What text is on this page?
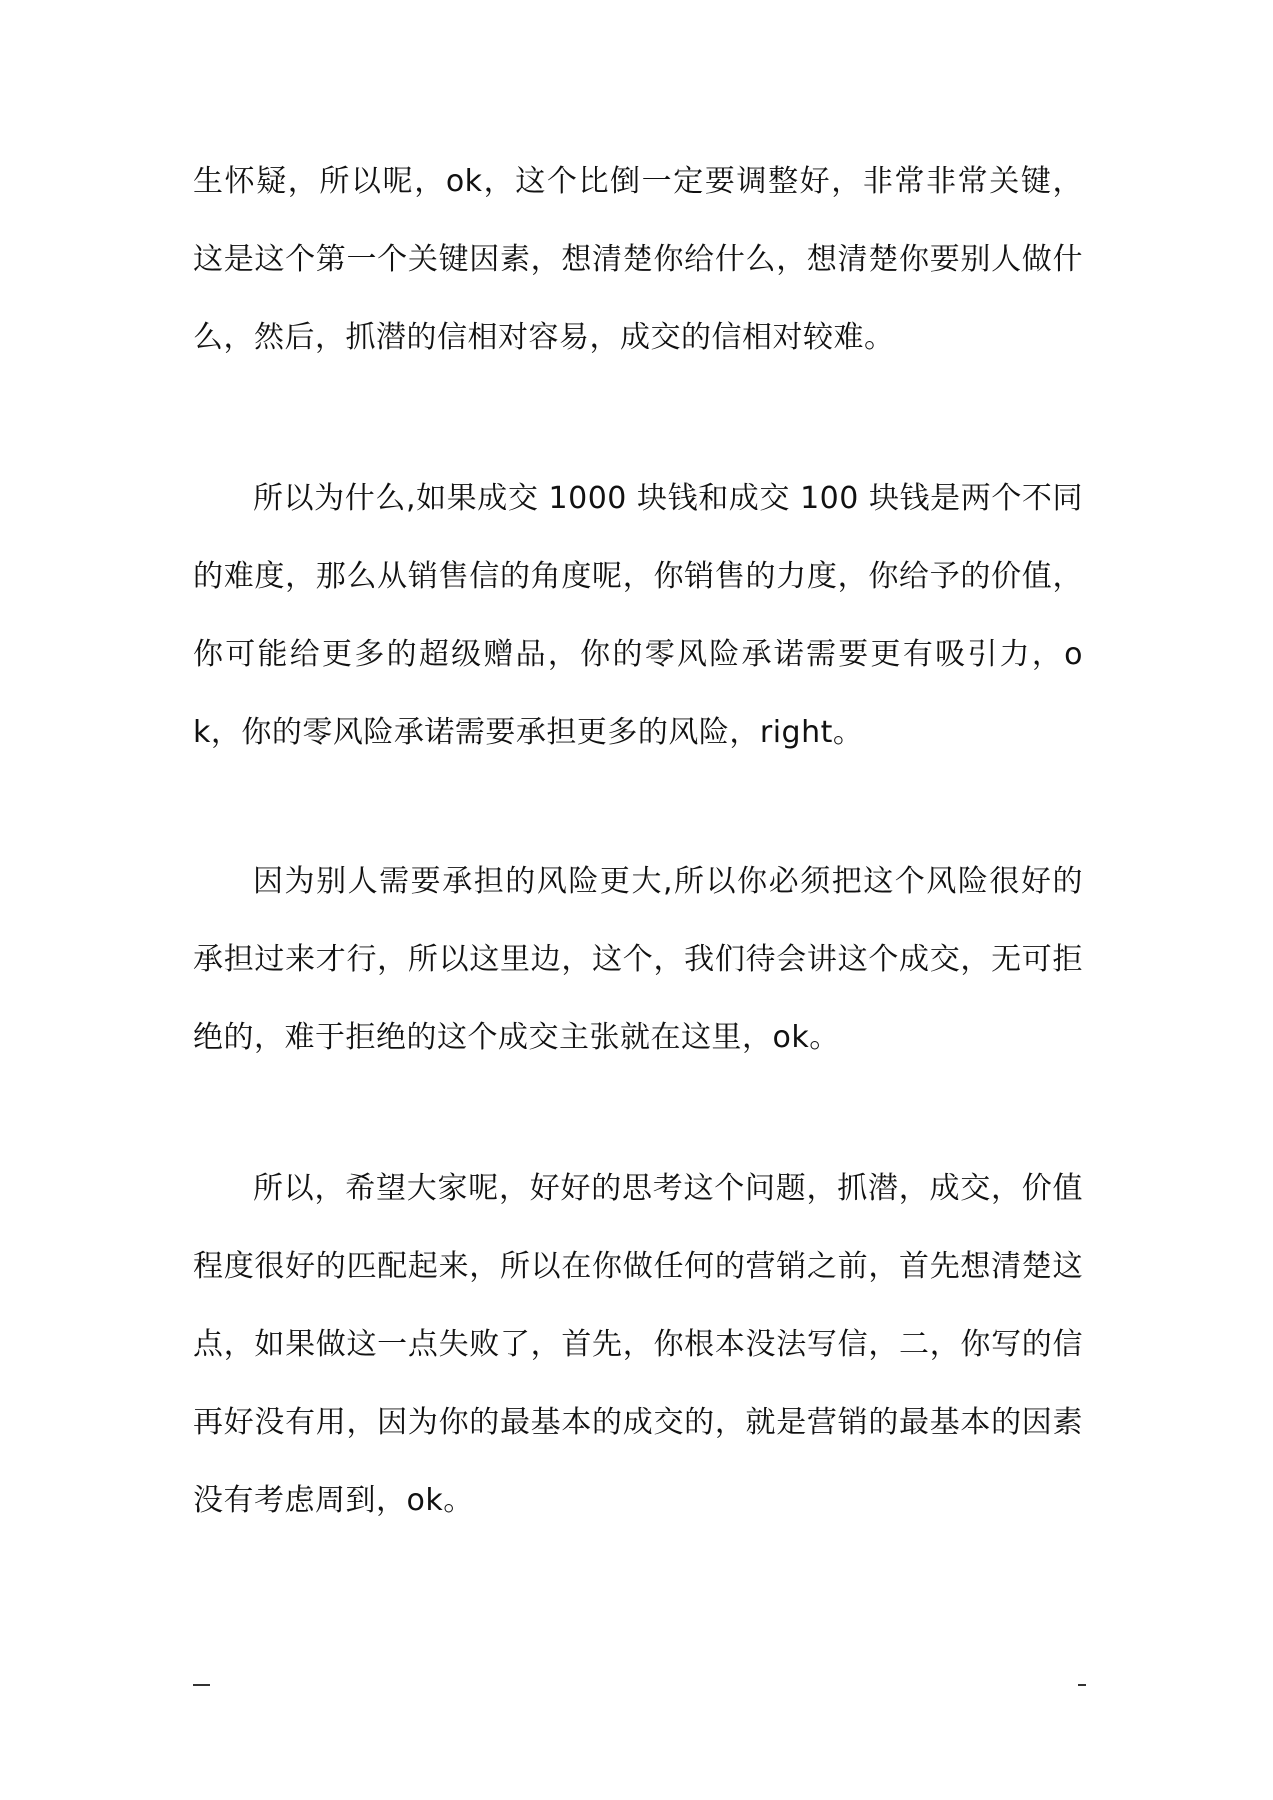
生怀疑，所以呢，ok，这个比倒一定要调整好，非常非常关键，这是这个第一个关键因素，想清楚你给什么，想清楚你要别人做什么，然后，抓潜的信相对容易，成交的信相对较难。

所以为什么,如果成交 1000 块钱和成交 100 块钱是两个不同的难度，那么从销售信的角度呢，你销售的力度，你给予的价值，你可能给更多的超级赠品，你的零风险承诺需要更有吸引力，ok，你的零风险承诺需要承担更多的风险，right。

因为别人需要承担的风险更大,所以你必须把这个风险很好的承担过来才行，所以这里边，这个，我们待会讲这个成交，无可拒绝的，难于拒绝的这个成交主张就在这里，ok。

所以，希望大家呢，好好的思考这个问题，抓潜，成交，价值程度很好的匹配起来，所以在你做任何的营销之前，首先想清楚这点，如果做这一点失败了，首先，你根本没法写信，二，你写的信再好没有用，因为你的最基本的成交的，就是营销的最基本的因素没有考虑周到，ok。
